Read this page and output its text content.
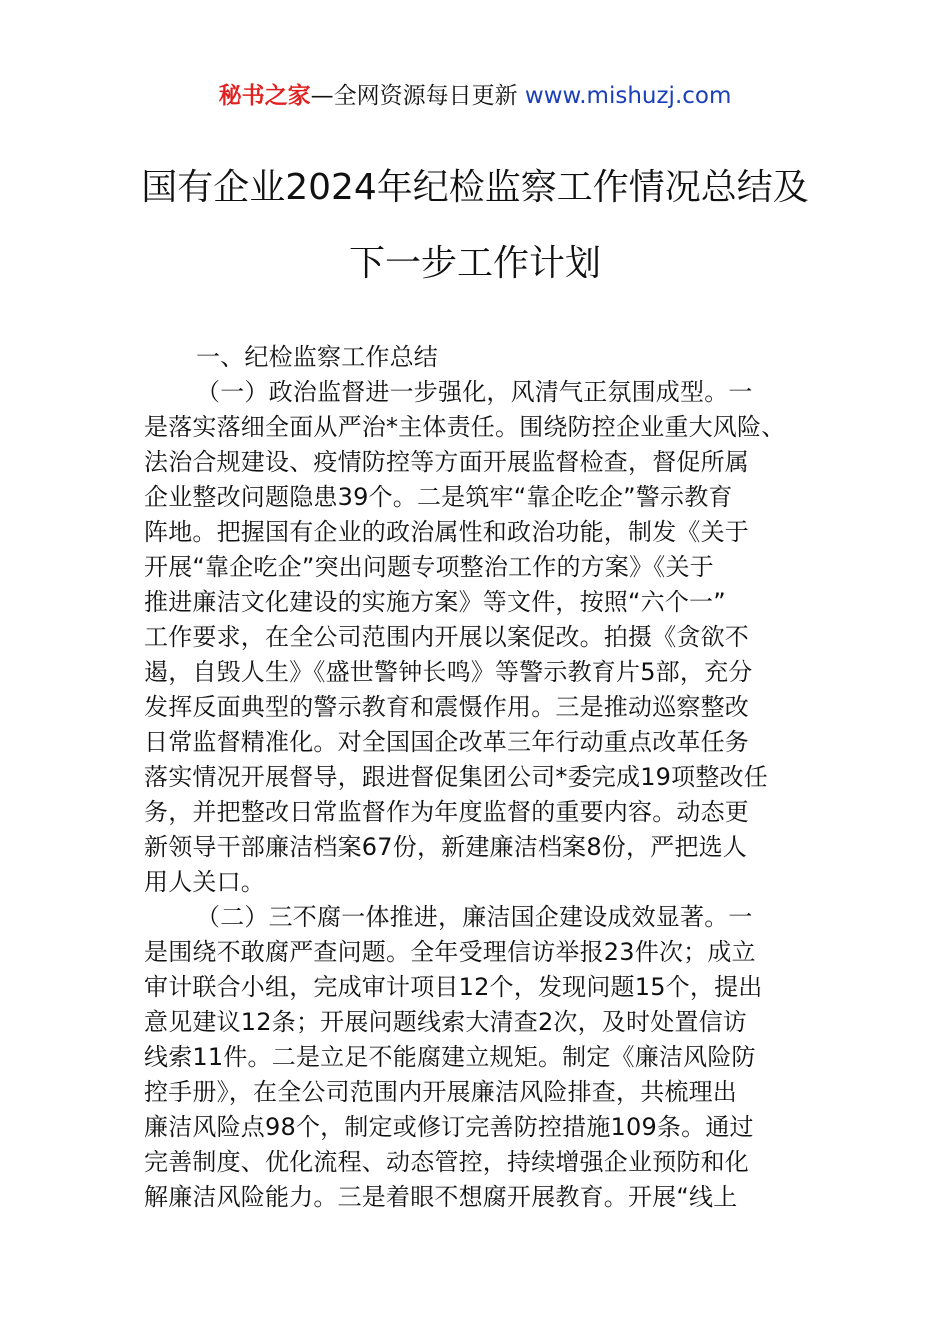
秘书之家—全网资源每日更新 www.mishuzj.com
国有企业2024年纪检监察工作情况总结及
下一步工作计划

一、纪检监察工作总结

（一）政治监督进一步强化，风清气正氛围成型。一
是落实落细全面从严治*主体责任。围绕防控企业重大风险、
法治合规建设、疫情防控等方面开展监督检查，督促所属
企业整改问题隐患39个。二是筑牢“靠企吃企”警示教育
阵地。把握国有企业的政治属性和政治功能，制发《关于
开展“靠企吃企”突出问题专项整治工作的方案》《关于
推进廉洁文化建设的实施方案》等文件，按照“六个一”
工作要求，在全公司范围内开展以案促改。拍摄《贪欲不
遏，自毁人生》《盛世警钟长鸣》等警示教育片5部，充分
发挥反面典型的警示教育和震慑作用。三是推动巡察整改
日常监督精准化。对全国国企改革三年行动重点改革任务
落实情况开展督导，跟进督促集团公司*委完成19项整改任
务，并把整改日常监督作为年度监督的重要内容。动态更
新领导干部廉洁档案67份，新建廉洁档案8份，严把选人
用人关口。

（二）三不腐一体推进，廉洁国企建设成效显著。一
是围绕不敢腐严查问题。全年受理信访举报23件次；成立
审计联合小组，完成审计项目12个，发现问题15个，提出
意见建议12条；开展问题线索大清查2次，及时处置信访
线索11件。二是立足不能腐建立规矩。制定《廉洁风险防
控手册》，在全公司范围内开展廉洁风险排查，共梳理出
廉洁风险点98个，制定或修订完善防控措施109条。通过
完善制度、优化流程、动态管控，持续增强企业预防和化
解廉洁风险能力。三是着眼不想腐开展教育。开展“线上
